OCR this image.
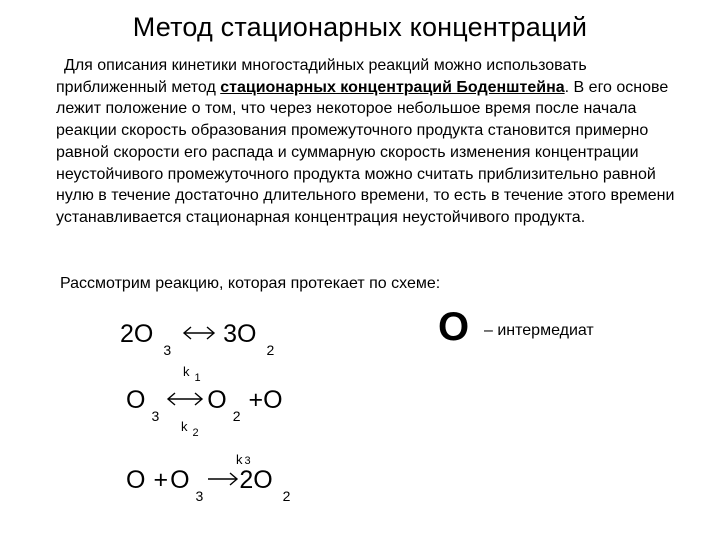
Метод стационарных концентраций

Для описания кинетики многостадийных реакций можно использовать приближенный метод стационарных концентраций Боденштейна. В его основе лежит положение о том, что через некоторое небольшое время после начала реакции скорость образования промежуточного продукта становится примерно равной скорости его распада и суммарную скорость изменения концентрации неустойчивого промежуточного продукта можно считать приблизительно равной нулю в течение достаточно длительного времени, то есть в течение этого времени устанавливается стационарная концентрация неустойчивого продукта.

Рассмотрим реакцию, которая протекает по схеме:

$2O_33O_2$
k $_1$
$O_3O_2+O$
k $_2$
k 3
$O +O_32O_2$
O – интермедиат
